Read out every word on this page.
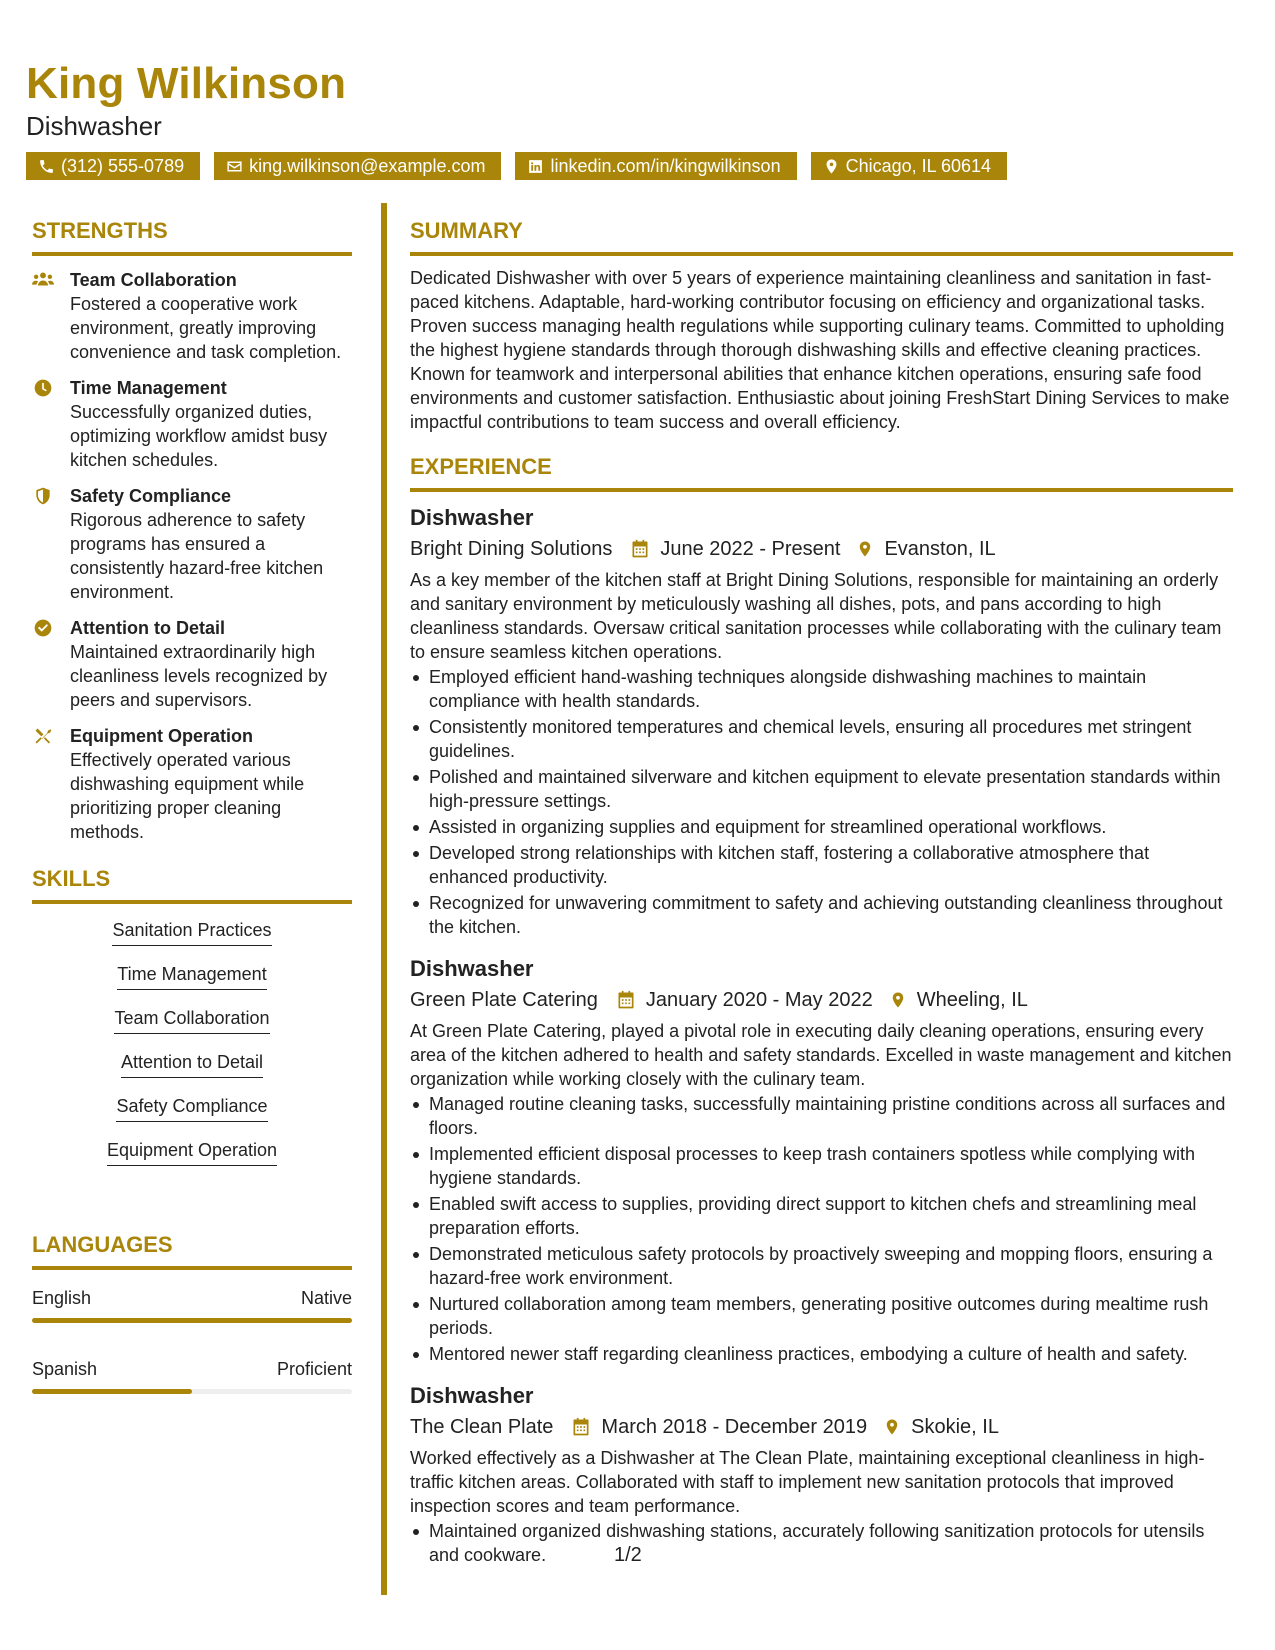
King Wilkinson
Dishwasher
(312) 555-0789	king.wilkinson@example.com	linkedin.com/in/kingwilkinson	Chicago, IL 60614
STRENGTHS
Team Collaboration
Fostered a cooperative work environment, greatly improving convenience and task completion.
Time Management
Successfully organized duties, optimizing workflow amidst busy kitchen schedules.
Safety Compliance
Rigorous adherence to safety programs has ensured a consistently hazard-free kitchen environment.
Attention to Detail
Maintained extraordinarily high cleanliness levels recognized by peers and supervisors.
Equipment Operation
Effectively operated various dishwashing equipment while prioritizing proper cleaning methods.
SKILLS
Sanitation Practices
Time Management
Team Collaboration
Attention to Detail
Safety Compliance
Equipment Operation
LANGUAGES
English	Native
Spanish	Proficient
SUMMARY
Dedicated Dishwasher with over 5 years of experience maintaining cleanliness and sanitation in fast-paced kitchens. Adaptable, hard-working contributor focusing on efficiency and organizational tasks. Proven success managing health regulations while supporting culinary teams. Committed to upholding the highest hygiene standards through thorough dishwashing skills and effective cleaning practices. Known for teamwork and interpersonal abilities that enhance kitchen operations, ensuring safe food environments and customer satisfaction. Enthusiastic about joining FreshStart Dining Services to make impactful contributions to team success and overall efficiency.
EXPERIENCE
Dishwasher
Bright Dining Solutions June 2022 - Present Evanston, IL
As a key member of the kitchen staff at Bright Dining Solutions, responsible for maintaining an orderly and sanitary environment by meticulously washing all dishes, pots, and pans according to high cleanliness standards. Oversaw critical sanitation processes while collaborating with the culinary team to ensure seamless kitchen operations.
Employed efficient hand-washing techniques alongside dishwashing machines to maintain compliance with health standards.
Consistently monitored temperatures and chemical levels, ensuring all procedures met stringent guidelines.
Polished and maintained silverware and kitchen equipment to elevate presentation standards within high-pressure settings.
Assisted in organizing supplies and equipment for streamlined operational workflows.
Developed strong relationships with kitchen staff, fostering a collaborative atmosphere that enhanced productivity.
Recognized for unwavering commitment to safety and achieving outstanding cleanliness throughout the kitchen.
Dishwasher
Green Plate Catering January 2020 - May 2022 Wheeling, IL
At Green Plate Catering, played a pivotal role in executing daily cleaning operations, ensuring every area of the kitchen adhered to health and safety standards. Excelled in waste management and kitchen organization while working closely with the culinary team.
Managed routine cleaning tasks, successfully maintaining pristine conditions across all surfaces and floors.
Implemented efficient disposal processes to keep trash containers spotless while complying with hygiene standards.
Enabled swift access to supplies, providing direct support to kitchen chefs and streamlining meal preparation efforts.
Demonstrated meticulous safety protocols by proactively sweeping and mopping floors, ensuring a hazard-free work environment.
Nurtured collaboration among team members, generating positive outcomes during mealtime rush periods.
Mentored newer staff regarding cleanliness practices, embodying a culture of health and safety.
Dishwasher
The Clean Plate March 2018 - December 2019 Skokie, IL
Worked effectively as a Dishwasher at The Clean Plate, maintaining exceptional cleanliness in high-traffic kitchen areas. Collaborated with staff to implement new sanitation protocols that improved inspection scores and team performance.
Maintained organized dishwashing stations, accurately following sanitization protocols for utensils and cookware.	1/2
